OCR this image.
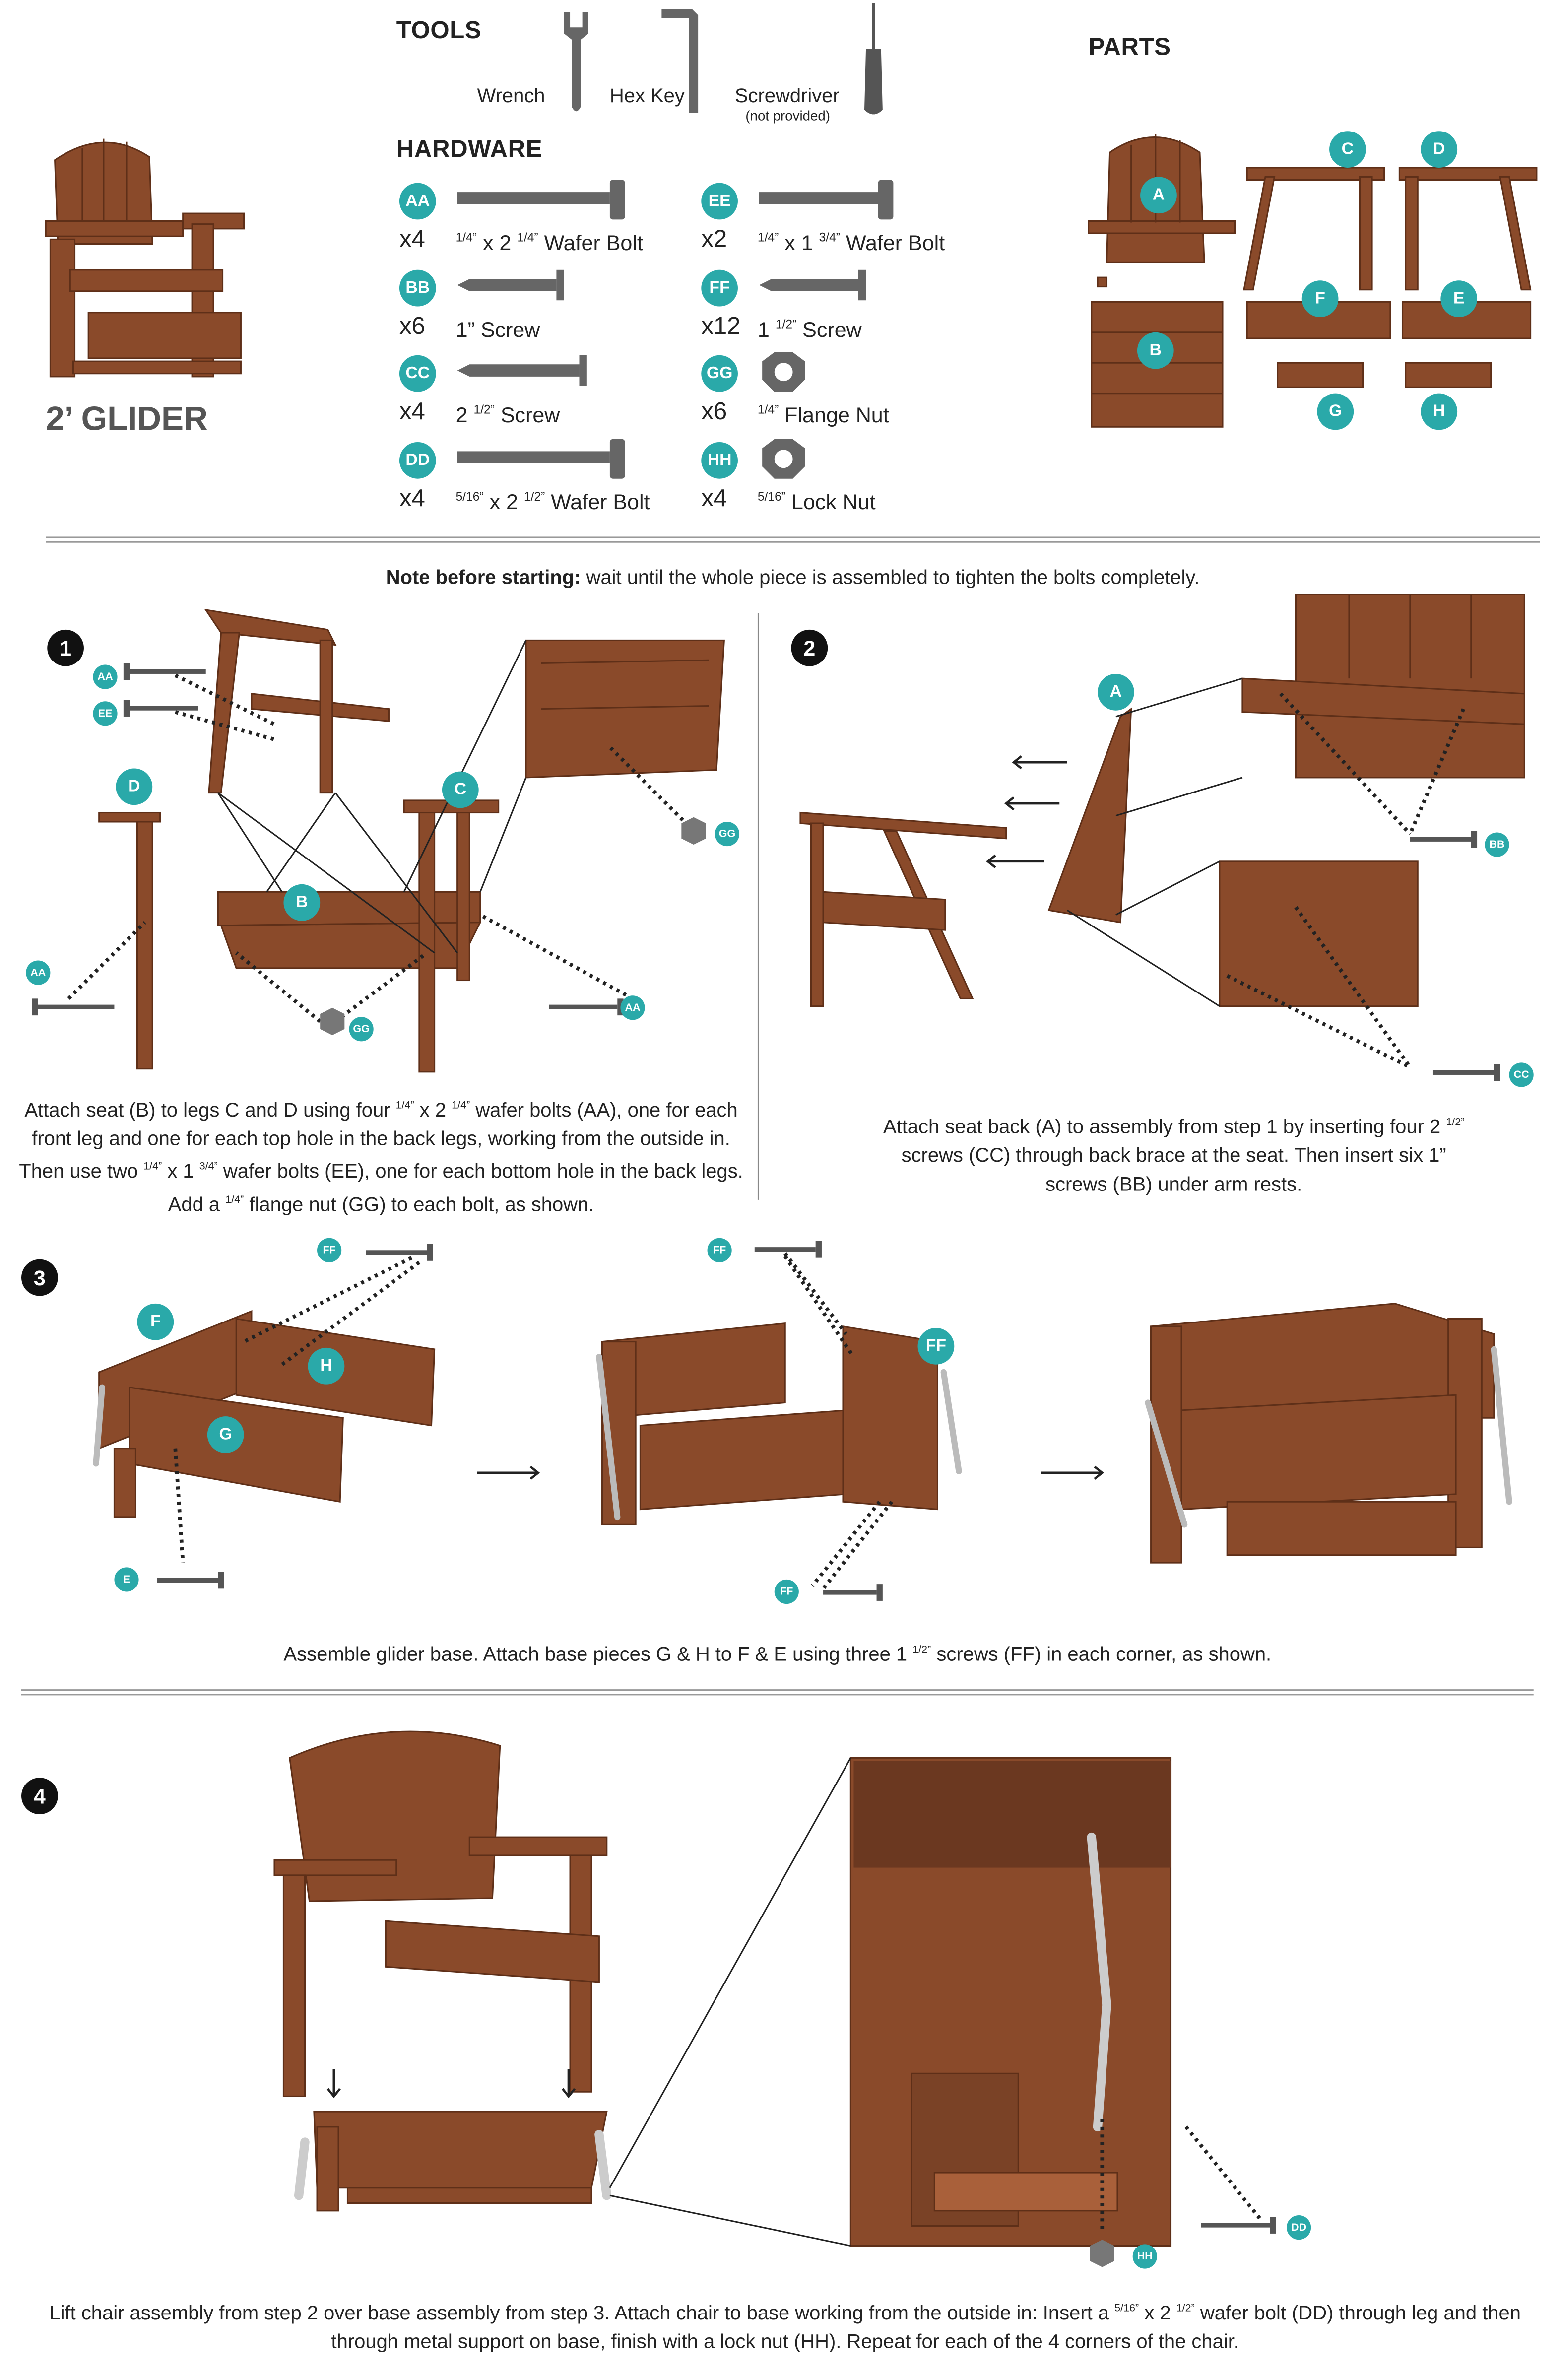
2’ GLIDER
TOOLS
Wrench	Hex Key	Screwdriver
(not provided)
HARDWARE
AA
x4	$^{1/4”}$ x 2 $^{1/4”}$ Wafer Bolt
BB
x6	1” Screw
CC
x4	2 $^{1/2”}$ Screw
DD
x4	$^{5/16”}$ x 2 $^{1/2”}$ Wafer Bolt
EE
x2	$^{1/4”}$ x 1 $^{3/4”}$ Wafer Bolt
FF
x12 1 $^{1/2”}$ Screw
GG
x6	$^{1/4”}$ Flange Nut
HH
x4	$^{5/16”}$ Lock Nut
PARTS
A
B
C	D
E
F
G	H
Note before starting: wait until the whole piece is assembled to tighten the bolts completely.
1	2
AA
EE
D	C
B
GG
AA
GG
AA
A
BB
CC
Attach seat (B) to legs C and D using four $^{1/4”}$ x 2 $^{1/4”}$ wafer bolts (AA), one for each front leg and one for each top hole in the back legs, working from the outside in. Then use two $^{1/4”}$ x 1 $^{3/4”}$ wafer bolts (EE), one for each bottom hole in the back legs. Add a $^{1/4”}$ flange nut (GG) to each bolt, as shown.
Attach seat back (A) to assembly from step 1 by inserting four 2 $^{1/2”}$ screws (CC) through back brace at the seat. Then insert six 1” screws (BB) under arm rests.
3
FF
F
H
G
FF
FF
E
FF
Assemble glider base. Attach base pieces G & H to F & E using three 1 $^{1/2”}$ screws (FF) in each corner, as shown.
4
HH
DD
Lift chair assembly from step 2 over base assembly from step 3. Attach chair to base working from the outside in: Insert a $^{5/16”}$ x 2 $^{1/2”}$ wafer bolt (DD) through leg and then through metal support on base, finish with a lock nut (HH). Repeat for each of the 4 corners of the chair.
